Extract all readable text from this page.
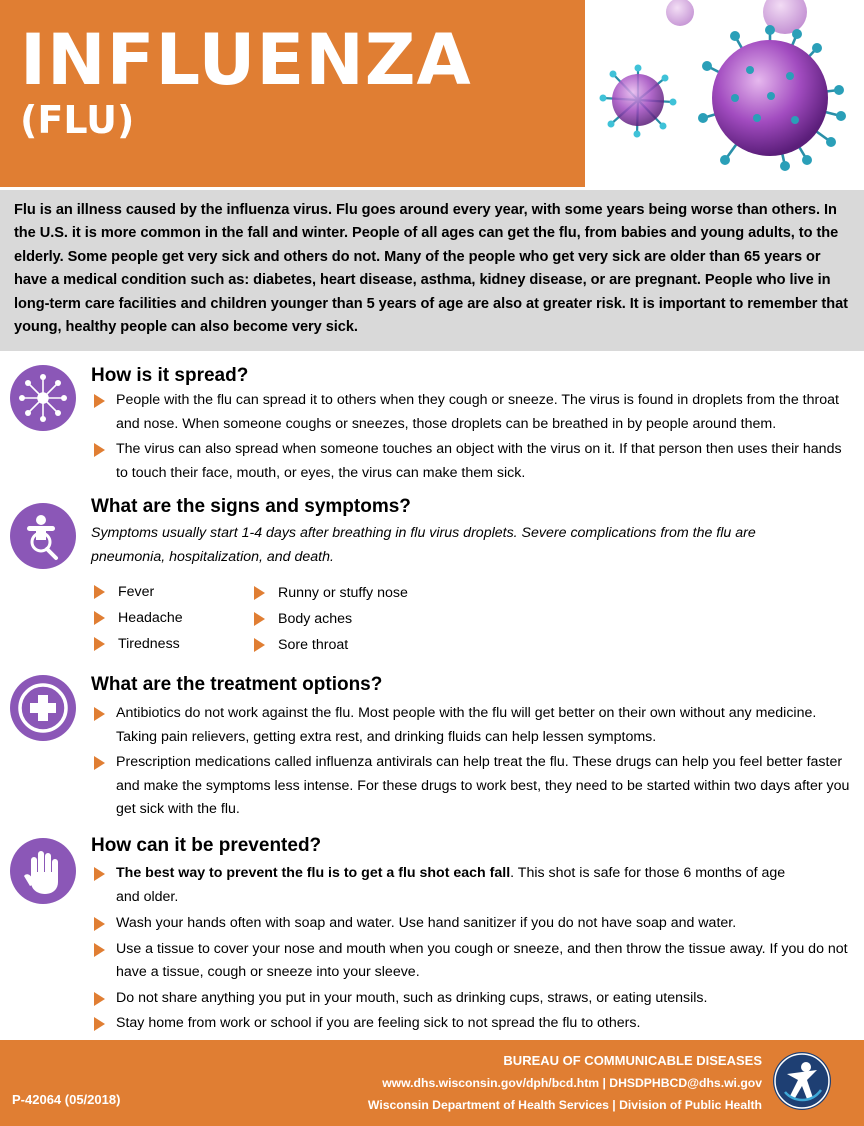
INFLUENZA
(FLU)

Flu is an illness caused by the influenza virus. Flu goes around every year, with some years being worse than others. In the U.S. it is more common in the fall and winter. People of all ages can get the flu, from babies and young adults, to the elderly. Some people get very sick and others do not. Many of the people who get very sick are older than 65 years or have a medical condition such as: diabetes, heart disease, asthma, kidney disease, or are pregnant. People who live in long-term care facilities and children younger than 5 years of age are also at greater risk. It is important to remember that young, healthy people can also become very sick.

How is it spread?
People with the flu can spread it to others when they cough or sneeze. The virus is found in droplets from the throat and nose. When someone coughs or sneezes, those droplets can be breathed in by people around them.
The virus can also spread when someone touches an object with the virus on it. If that person then uses their hands to touch their face, mouth, or eyes, the virus can make them sick.
What are the signs and symptoms?
Symptoms usually start 1-4 days after breathing in flu virus droplets. Severe complications from the flu are pneumonia, hospitalization, and death.
Fever
Headache
Tiredness
Runny or stuffy nose
Body aches
Sore throat
What are the treatment options?
Antibiotics do not work against the flu. Most people with the flu will get better on their own without any medicine. Taking pain relievers, getting extra rest, and drinking fluids can help lessen symptoms.
Prescription medications called influenza antivirals can help treat the flu. These drugs can help you feel better faster and make the symptoms less intense. For these drugs to work best, they need to be started within two days after you get sick with the flu.
How can it be prevented?
The best way to prevent the flu is to get a flu shot each fall. This shot is safe for those 6 months of age and older.
Wash your hands often with soap and water. Use hand sanitizer if you do not have soap and water.
Use a tissue to cover your nose and mouth when you cough or sneeze, and then throw the tissue away. If you do not have a tissue, cough or sneeze into your sleeve.
Do not share anything you put in your mouth, such as drinking cups, straws, or eating utensils.
Stay home from work or school if you are feeling sick to not spread the flu to others.
P-42064 (05/2018)
BUREAU OF COMMUNICABLE DISEASES
www.dhs.wisconsin.gov/dph/bcd.htm | DHSDPHBCD@dhs.wi.gov
Wisconsin Department of Health Services | Division of Public Health
